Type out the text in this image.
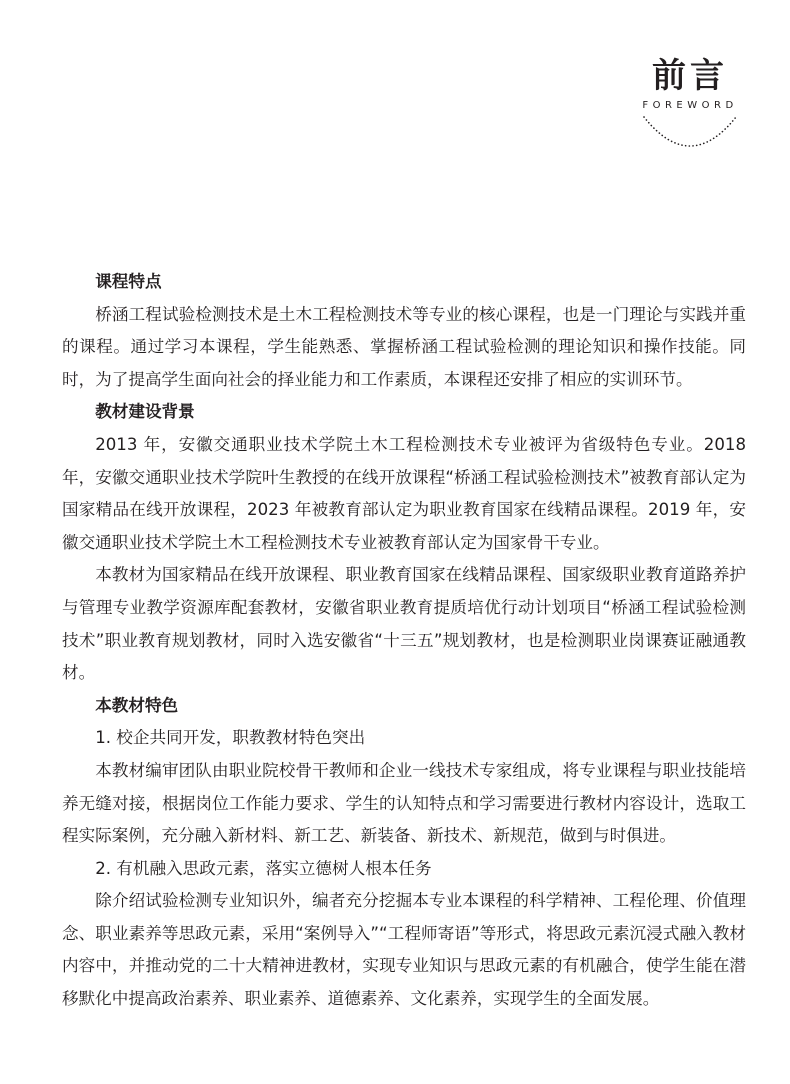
前言
FOREWORD
课程特点

桥涵工程试验检测技术是土木工程检测技术等专业的核心课程，也是一门理论与实践并重的课程。通过学习本课程，学生能熟悉、掌握桥涵工程试验检测的理论知识和操作技能。同时，为了提高学生面向社会的择业能力和工作素质，本课程还安排了相应的实训环节。

教材建设背景

2013 年，安徽交通职业技术学院土木工程检测技术专业被评为省级特色专业。2018 年，安徽交通职业技术学院叶生教授的在线开放课程“桥涵工程试验检测技术”被教育部认定为国家精品在线开放课程，2023 年被教育部认定为职业教育国家在线精品课程。2019 年，安徽交通职业技术学院土木工程检测技术专业被教育部认定为国家骨干专业。

本教材为国家精品在线开放课程、职业教育国家在线精品课程、国家级职业教育道路养护与管理专业教学资源库配套教材，安徽省职业教育提质培优行动计划项目“桥涵工程试验检测技术”职业教育规划教材，同时入选安徽省“十三五”规划教材，也是检测职业岗课赛证融通教材。

本教材特色

1. 校企共同开发，职教教材特色突出

本教材编审团队由职业院校骨干教师和企业一线技术专家组成，将专业课程与职业技能培养无缝对接，根据岗位工作能力要求、学生的认知特点和学习需要进行教材内容设计，选取工程实际案例，充分融入新材料、新工艺、新装备、新技术、新规范，做到与时俱进。

2. 有机融入思政元素，落实立德树人根本任务

除介绍试验检测专业知识外，编者充分挖掘本专业本课程的科学精神、工程伦理、价值理念、职业素养等思政元素，采用“案例导入”“工程师寄语”等形式，将思政元素沉浸式融入教材内容中，并推动党的二十大精神进教材，实现专业知识与思政元素的有机融合，使学生能在潜移默化中提高政治素养、职业素养、道德素养、文化素养，实现学生的全面发展。
